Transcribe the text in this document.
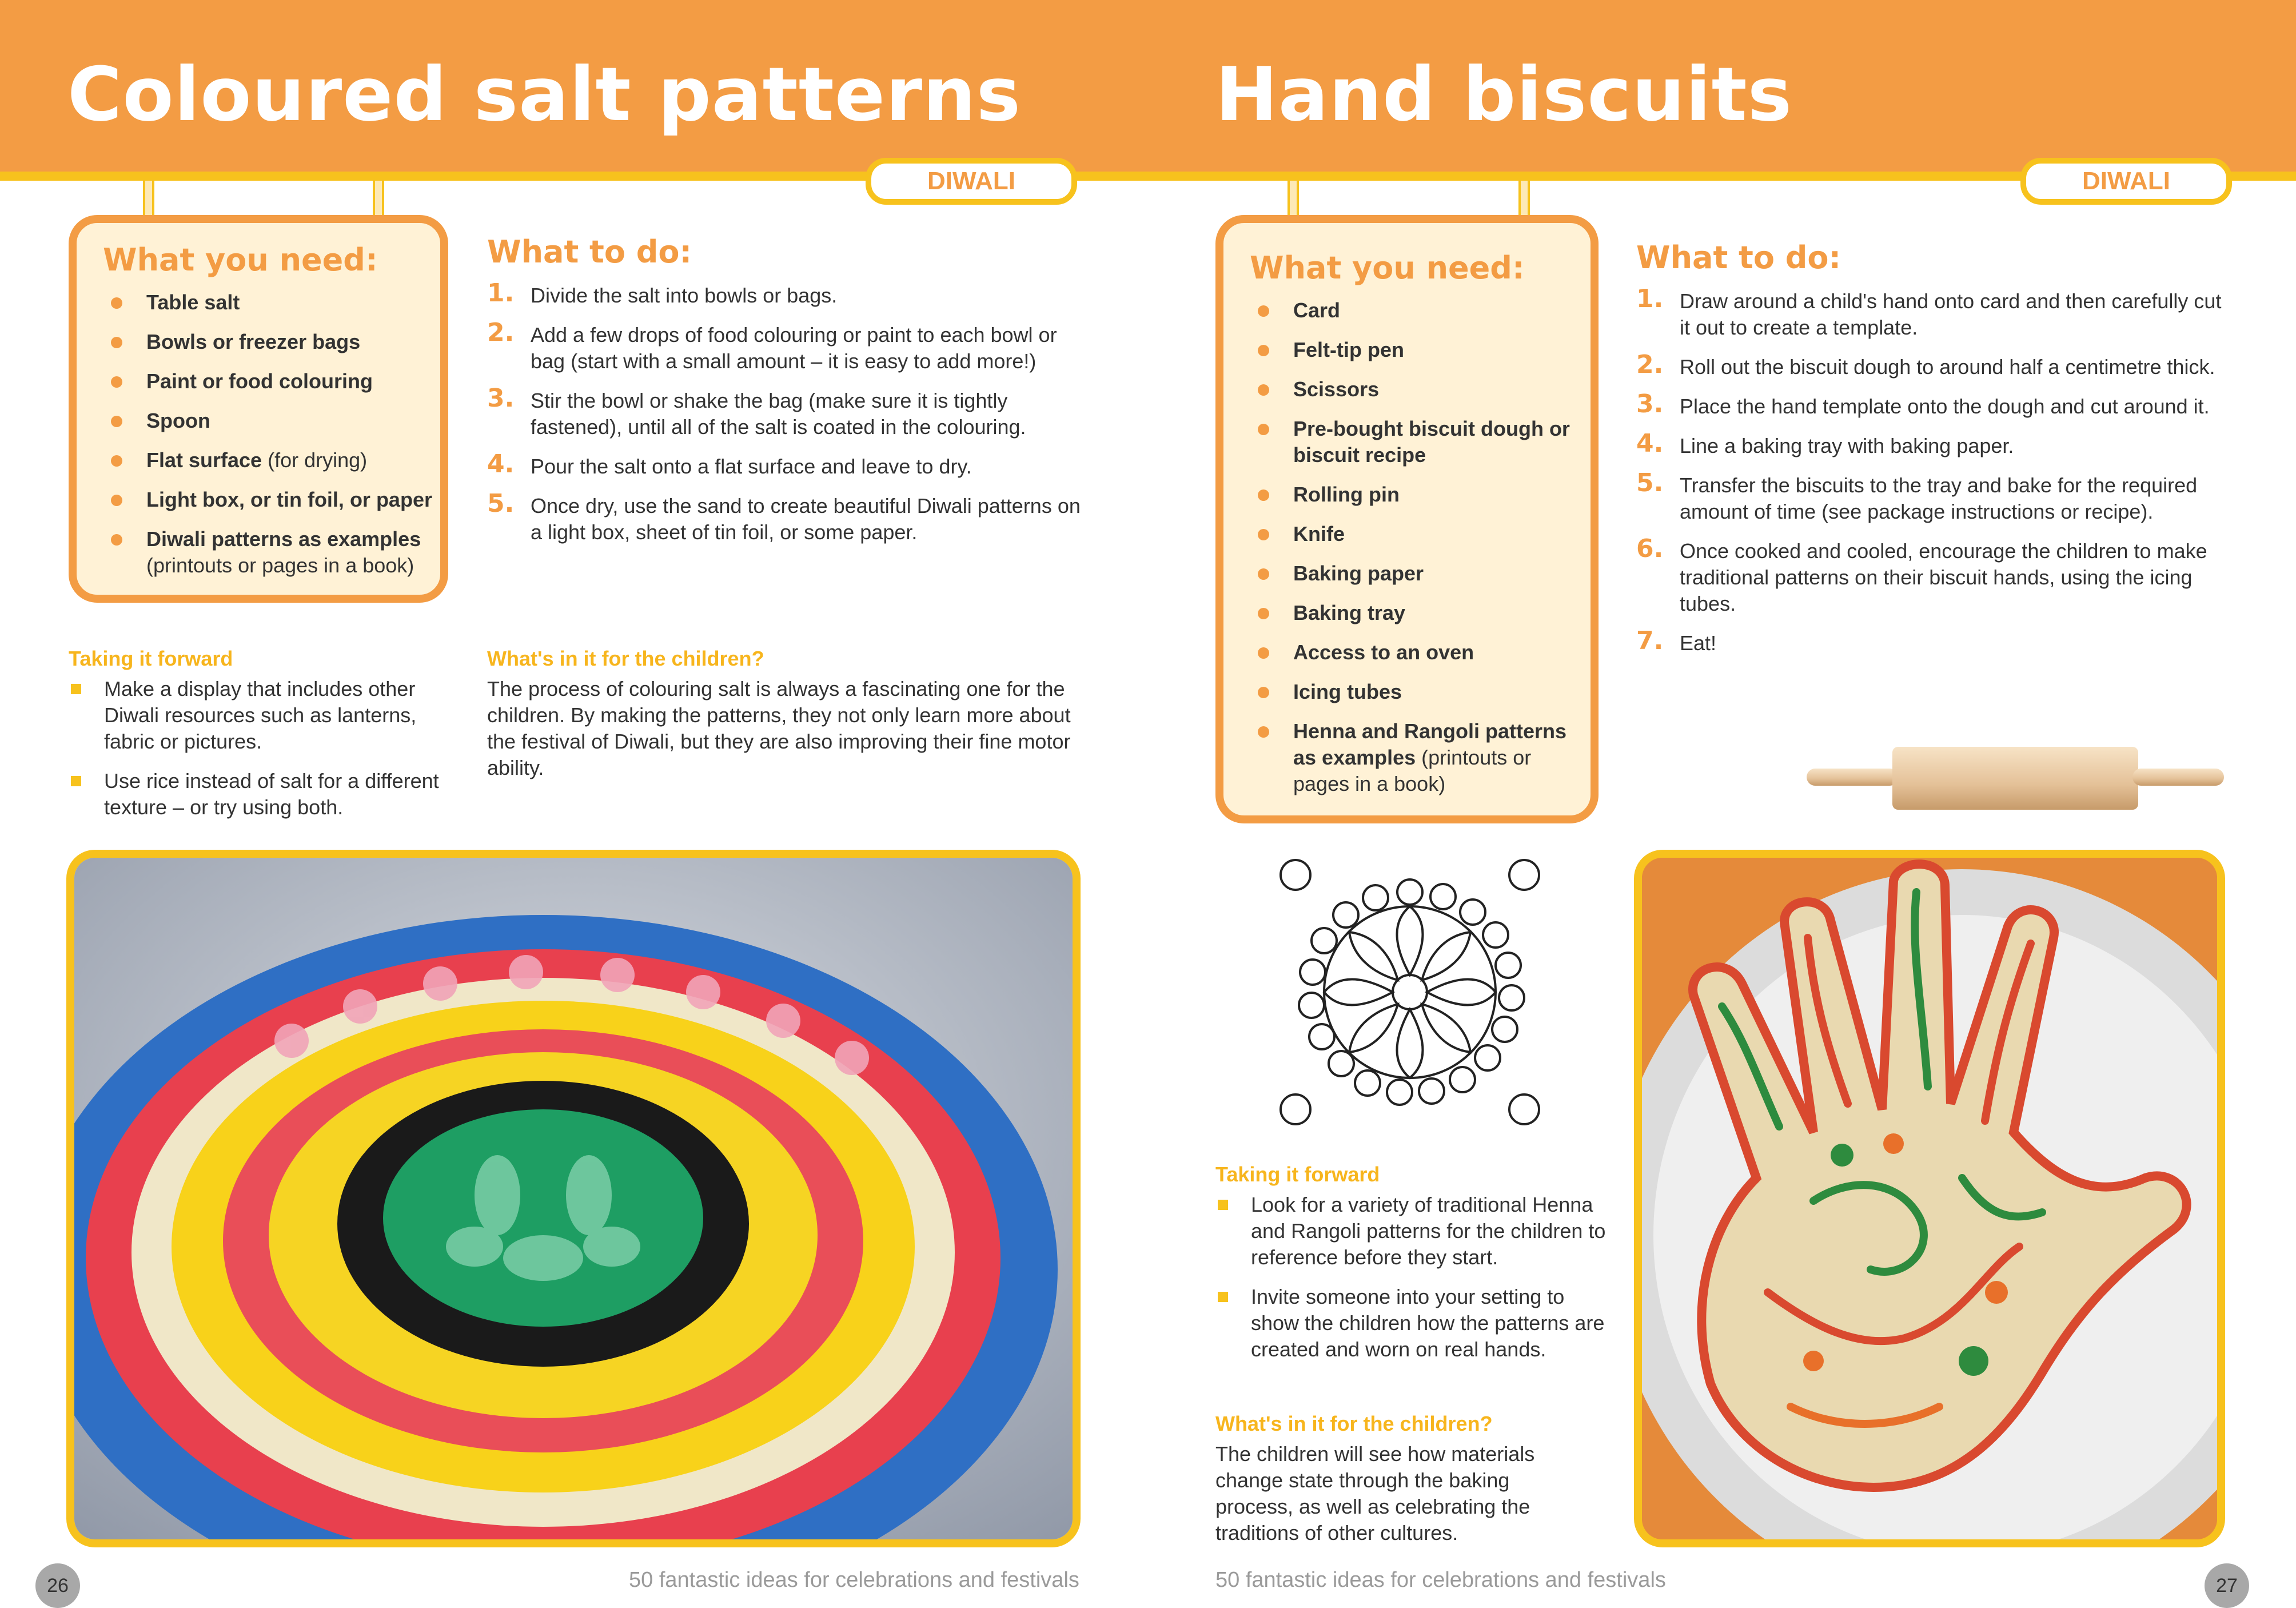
Coloured salt patterns
DIWALI
What you need:
Table salt
Bowls or freezer bags
Paint or food colouring
Spoon
Flat surface (for drying)
Light box, or tin foil, or paper
Diwali patterns as examples (printouts or pages in a book)
What to do:
1. Divide the salt into bowls or bags.
2. Add a few drops of food colouring or paint to each bowl or bag (start with a small amount – it is easy to add more!)
3. Stir the bowl or shake the bag (make sure it is tightly fastened), until all of the salt is coated in the colouring.
4. Pour the salt onto a flat surface and leave to dry.
5. Once dry, use the sand to create beautiful Diwali patterns on a light box, sheet of tin foil, or some paper.
Taking it forward
Make a display that includes other Diwali resources such as lanterns, fabric or pictures.
Use rice instead of salt for a different texture – or try using both.
What's in it for the children?

The process of colouring salt is always a fascinating one for the children. By making the patterns, they not only learn more about the festival of Diwali, but they are also improving their fine motor ability.

26	50 fantastic ideas for celebrations and festivals
Hand biscuits
DIWALI
What you need:
Card
Felt-tip pen
Scissors
Pre-bought biscuit dough or biscuit recipe
Rolling pin
Knife
Baking paper
Baking tray
Access to an oven
Icing tubes
Henna and Rangoli patterns as examples (printouts or pages in a book)
What to do:
1. Draw around a child's hand onto card and then carefully cut it out to create a template.
2. Roll out the biscuit dough to around half a centimetre thick.
3. Place the hand template onto the dough and cut around it.
4. Line a baking tray with baking paper.
5. Transfer the biscuits to the tray and bake for the required amount of time (see package instructions or recipe).
6. Once cooked and cooled, encourage the children to make traditional patterns on their biscuit hands, using the icing tubes.
7. Eat!
Taking it forward
Look for a variety of traditional Henna and Rangoli patterns for the children to reference before they start.
Invite someone into your setting to show the children how the patterns are created and worn on real hands.
What's in it for the children?

The children will see how materials change state through the baking process, as well as celebrating the traditions of other cultures.

50 fantastic ideas for celebrations and festivals	27
